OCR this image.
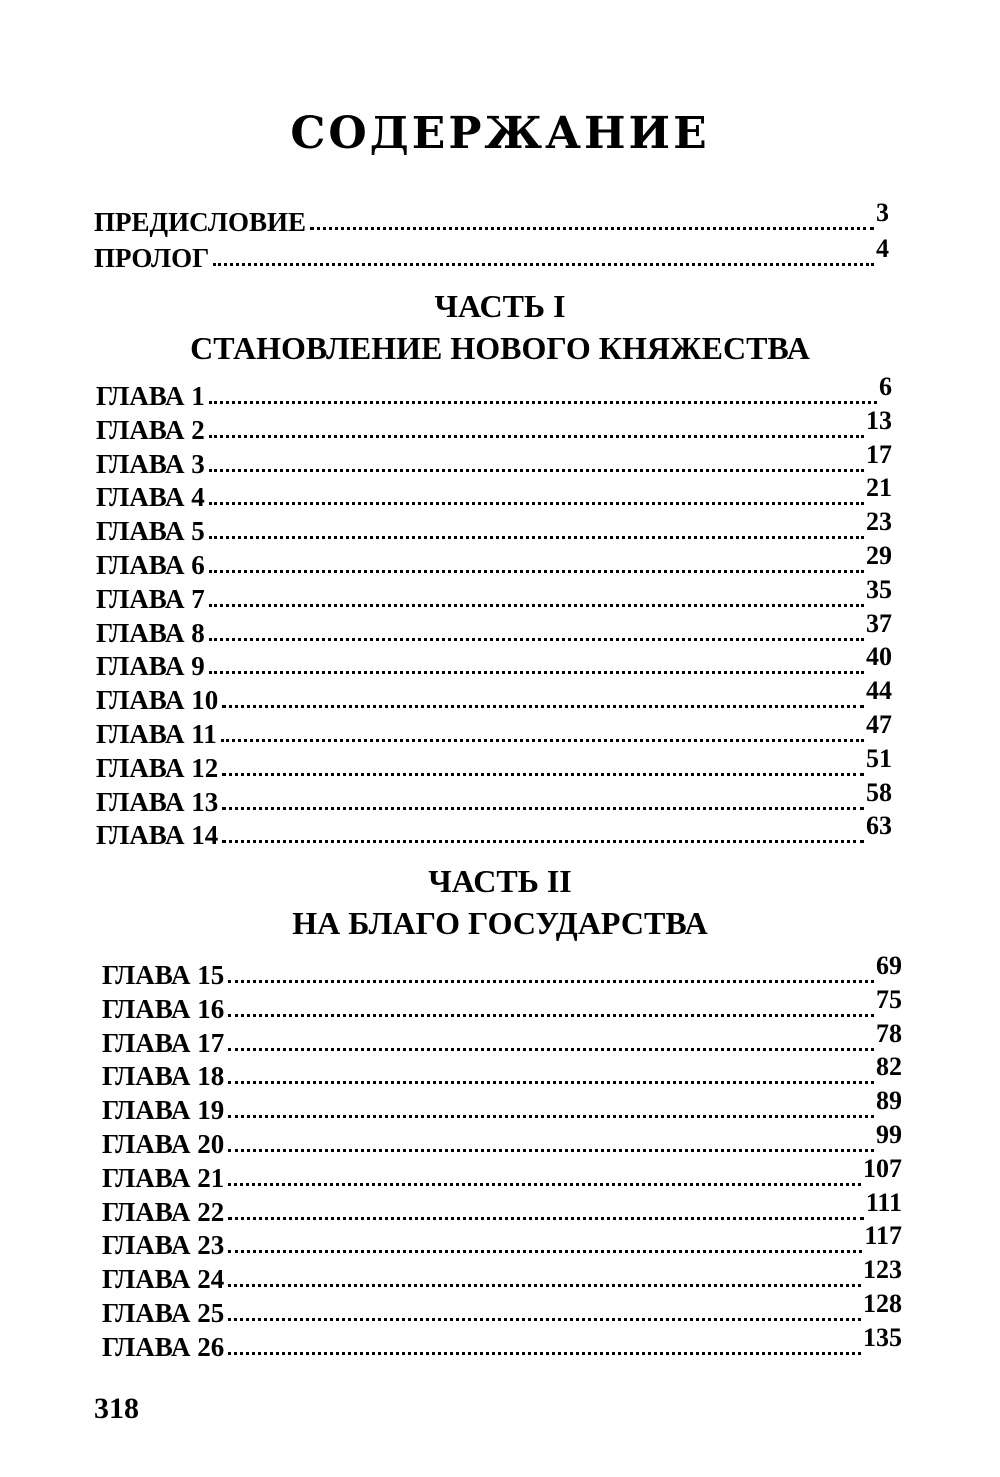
СОДЕРЖАНИЕ
ПРЕДИСЛОВИЕ	3
ПРОЛОГ	4
ЧАСТЬ I
СТАНОВЛЕНИЕ НОВОГО КНЯЖЕСТВА
ГЛАВА 1	6
ГЛАВА 2	13
ГЛАВА 3	17
ГЛАВА 4	21
ГЛАВА 5	23
ГЛАВА 6	29
ГЛАВА 7	35
ГЛАВА 8	37
ГЛАВА 9	40
ГЛАВА 10	44
ГЛАВА 11	47
ГЛАВА 12	51
ГЛАВА 13	58
ГЛАВА 14	63
ЧАСТЬ II
НА БЛАГО ГОСУДАРСТВА
ГЛАВА 15	69
ГЛАВА 16	75
ГЛАВА 17	78
ГЛАВА 18	82
ГЛАВА 19	89
ГЛАВА 20	99
ГЛАВА 21	107
ГЛАВА 22	111
ГЛАВА 23	117
ГЛАВА 24	123
ГЛАВА 25	128
ГЛАВА 26	135
318
